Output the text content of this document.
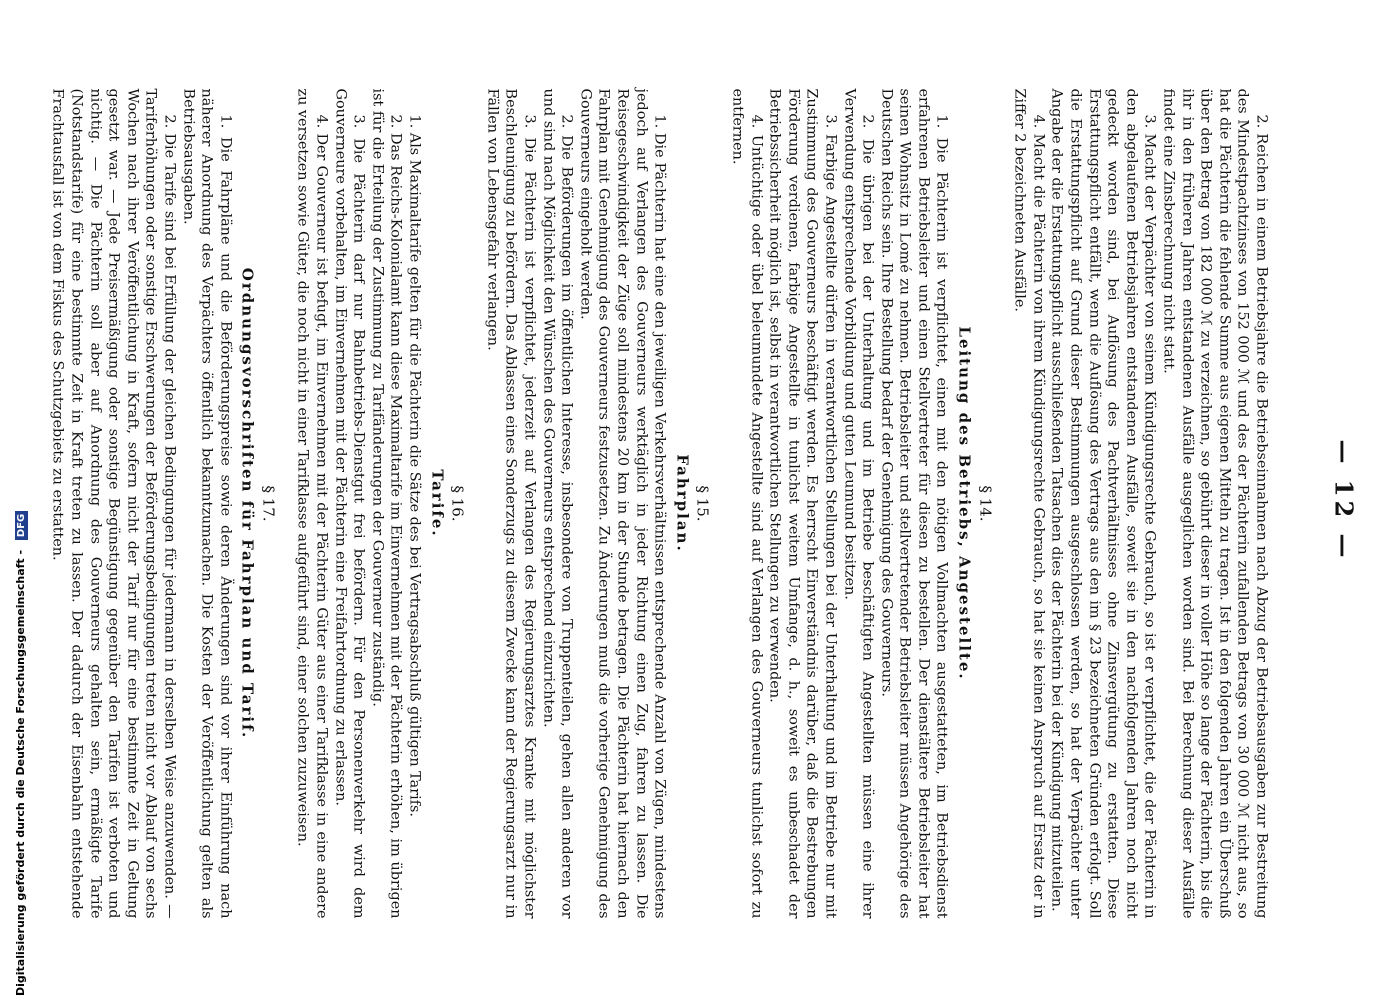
— 12 —

2. Reichen in einem Betriebsjahre die Betriebseinnahmen nach Abzug der Betriebsausgaben zur Bestreitung des Mindestpachtzinses von 152 000 ℳ und des der Pächterin zufallenden Betrags von 30 000 ℳ nicht aus, so hat die Pächterin die fehlende Summe aus eigenen Mitteln zu tragen. Ist in den folgenden Jahren ein Überschuß über den Betrag von 182 000 ℳ zu verzeichnen, so gebührt dieser in voller Höhe so lange der Pächterin, bis die ihr in den früheren Jahren entstandenen Ausfälle ausgeglichen worden sind. Bei Berechnung dieser Ausfälle findet eine Zinsberechnung nicht statt.

3. Macht der Verpächter von seinem Kündigungsrechte Gebrauch, so ist er verpflichtet, die der Pächterin in den abgelaufenen Betriebsjahren entstandenen Ausfälle, soweit sie in den nachfolgenden Jahren noch nicht gedeckt worden sind, bei Auflösung des Pachtverhältnisses ohne Zinsvergütung zu erstatten. Diese Erstattungspflicht entfällt, wenn die Auflösung des Vertrags aus den im § 23 bezeichneten Gründen erfolgt. Soll die Erstattungspflicht auf Grund dieser Bestimmungen ausgeschlossen werden, so hat der Verpächter unter Angabe der die Erstattungspflicht ausschließenden Tatsachen dies der Pächterin bei der Kündigung mitzuteilen.

4. Macht die Pächterin von ihrem Kündigungsrechte Gebrauch, so hat sie keinen Anspruch auf Ersatz der in Ziffer 2 bezeichneten Ausfälle.

§ 14.
Leitung des Betriebs, Angestellte.

1. Die Pächterin ist verpflichtet, einen mit den nötigen Vollmachten ausgestatteten, im Betriebsdienst erfahrenen Betriebsleiter und einen Stellvertreter für diesen zu bestellen. Der dienstältere Betriebsleiter hat seinen Wohnsitz in Lomé zu nehmen. Betriebsleiter und stellvertretender Betriebsleiter müssen Angehörige des Deutschen Reichs sein. Ihre Bestellung bedarf der Genehmigung des Gouverneurs.

2. Die übrigen bei der Unterhaltung und im Betriebe beschäftigten Angestellten müssen eine ihrer Verwendung entsprechende Vorbildung und guten Leumund besitzen.

3. Farbige Angestellte dürfen in verantwortlichen Stellungen bei der Unterhaltung und im Betriebe nur mit Zustimmung des Gouverneurs beschäftigt werden. Es herrscht Einverständnis darüber, daß die Bestrebungen Förderung verdienen, farbige Angestellte in tunlichst weitem Umfange, d. h., soweit es unbeschadet der Betriebssicherheit möglich ist, selbst in verantwortlichen Stellungen zu verwenden.

4. Untüchtige oder übel beleumundete Angestellte sind auf Verlangen des Gouverneurs tunlichst sofort zu entfernen.

§ 15.
Fahrplan.

1. Die Pächterin hat eine den jeweiligen Verkehrsverhältnissen entsprechende Anzahl von Zügen, mindestens jedoch auf Verlangen des Gouverneurs werktäglich in jeder Richtung einen Zug, fahren zu lassen. Die Reisegeschwindigkeit der Züge soll mindestens 20 km in der Stunde betragen. Die Pächterin hat hiernach den Fahrplan mit Genehmigung des Gouverneurs festzusetzen. Zu Änderungen muß die vorherige Genehmigung des Gouverneurs eingeholt werden.

2. Die Beförderungen im öffentlichen Interesse, insbesondere von Truppenteilen, gehen allen anderen vor und sind nach Möglichkeit den Wünschen des Gouverneurs entsprechend einzurichten.

3. Die Pächterin ist verpflichtet, jederzeit auf Verlangen des Regierungsarztes Kranke mit möglichster Beschleunigung zu befördern. Das Ablassen eines Sonderzugs zu diesem Zwecke kann der Regierungsarzt nur in Fällen von Lebensgefahr verlangen.

§ 16.
Tarife.

1. Als Maximaltarife gelten für die Pächterin die Sätze des bei Vertragsabschluß gültigen Tarifs.

2. Das Reichs-Kolonialamt kann diese Maximaltarife im Einvernehmen mit der Pächterin erhöhen, im übrigen ist für die Erteilung der Zustimmung zu Tarifänderungen der Gouverneur zuständig.

3. Die Pächterin darf nur Bahnbetriebs-Dienstgut frei befördern. Für den Personenverkehr wird dem Gouverneure vorbehalten, im Einvernehmen mit der Pächterin eine Freifahrtordnung zu erlassen.

4. Der Gouverneur ist befugt, im Einvernehmen mit der Pächterin Güter aus einer Tarifklasse in eine andere zu versetzen sowie Güter, die noch nicht in einer Tarifklasse aufgeführt sind, einer solchen zuzuweisen.

§ 17.
Ordnungsvorschriften für Fahrplan und Tarif.

1. Die Fahrpläne und die Beförderungspreise sowie deren Änderungen sind vor ihrer Einführung nach näherer Anordnung des Verpächters öffentlich bekanntzumachen. Die Kosten der Veröffentlichung gelten als Betriebsausgaben.

2. Die Tarife sind bei Erfüllung der gleichen Bedingungen für jedermann in derselben Weise anzuwenden. — Tariferhöhungen oder sonstige Erschwerungen der Beförderungsbedingungen treten nicht vor Ablauf von sechs Wochen nach ihrer Veröffentlichung in Kraft, sofern nicht der Tarif nur für eine bestimmte Zeit in Geltung gesetzt war. — Jede Preisermäßigung oder sonstige Begünstigung gegenüber den Tarifen ist verboten und nichtig. — Die Pächterin soll aber auf Anordnung des Gouverneurs gehalten sein, ermäßigte Tarife (Notstandstarife) für eine bestimmte Zeit in Kraft treten zu lassen. Der dadurch der Eisenbahn entstehende Frachtausfall ist von dem Fiskus des Schutzgebiets zu erstatten.

Digitalisierung gefördert durch die Deutsche Forschungsgemeinschaft - DFG
